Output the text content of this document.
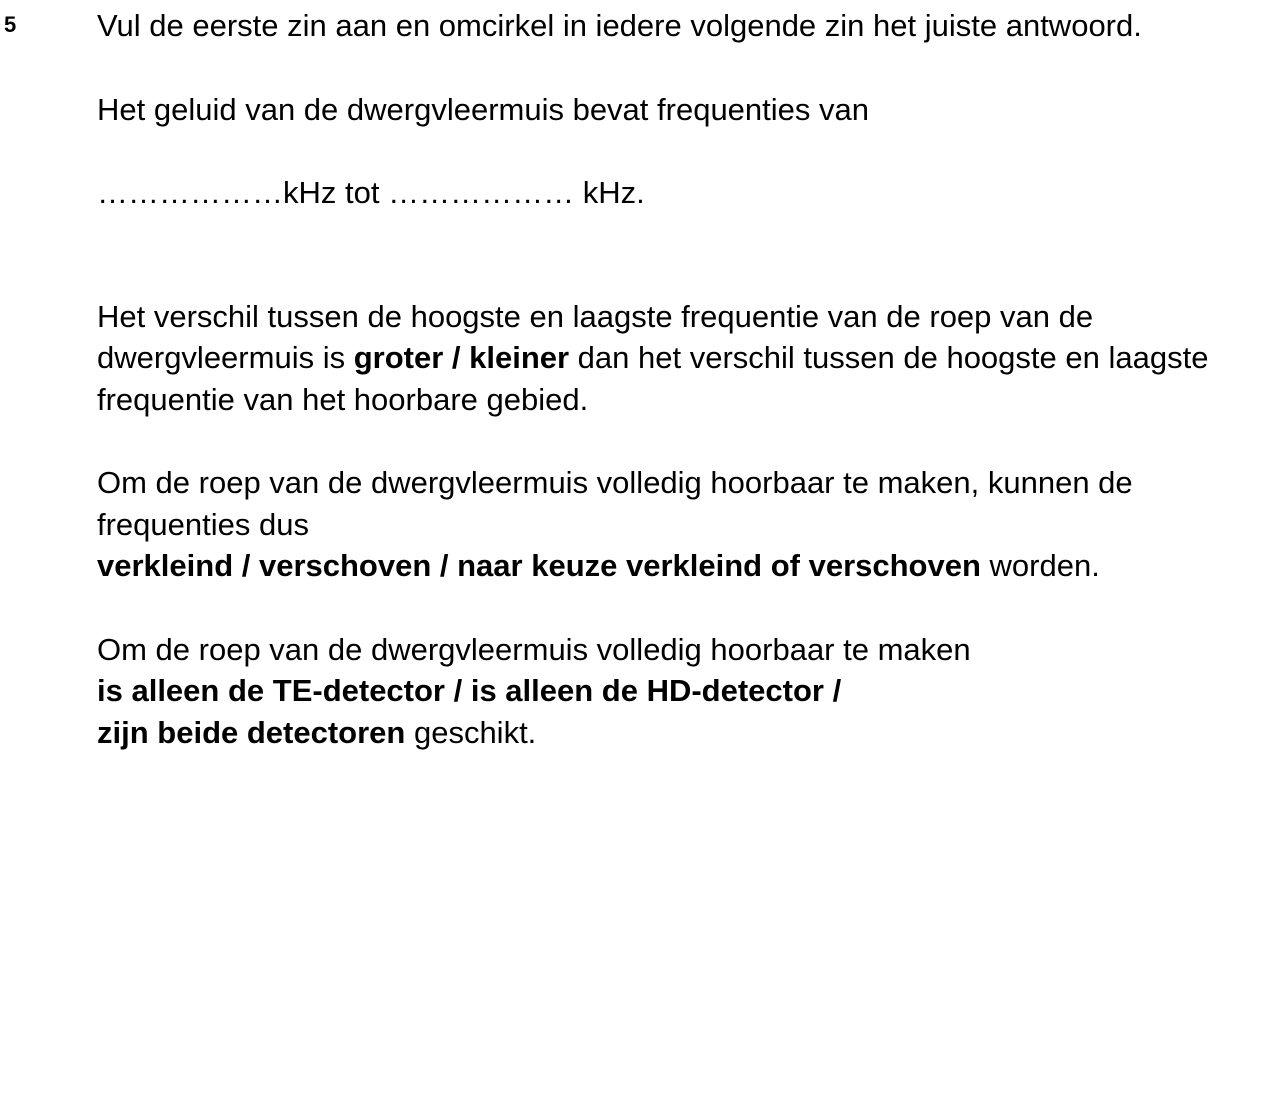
5	Vul de eerste zin aan en omcirkel in iedere volgende zin het juiste antwoord.

Het geluid van de dwergvleermuis bevat frequenties van

………………kHz tot ……………… kHz.

Het verschil tussen de hoogste en laagste frequentie van de roep van de dwergvleermuis is groter / kleiner dan het verschil tussen de hoogste en laagste frequentie van het hoorbare gebied.

Om de roep van de dwergvleermuis volledig hoorbaar te maken, kunnen de frequenties dus
verkleind / verschoven / naar keuze verkleind of verschoven worden.

Om de roep van de dwergvleermuis volledig hoorbaar te maken
is alleen de TE-detector / is alleen de HD-detector /
zijn beide detectoren geschikt.
